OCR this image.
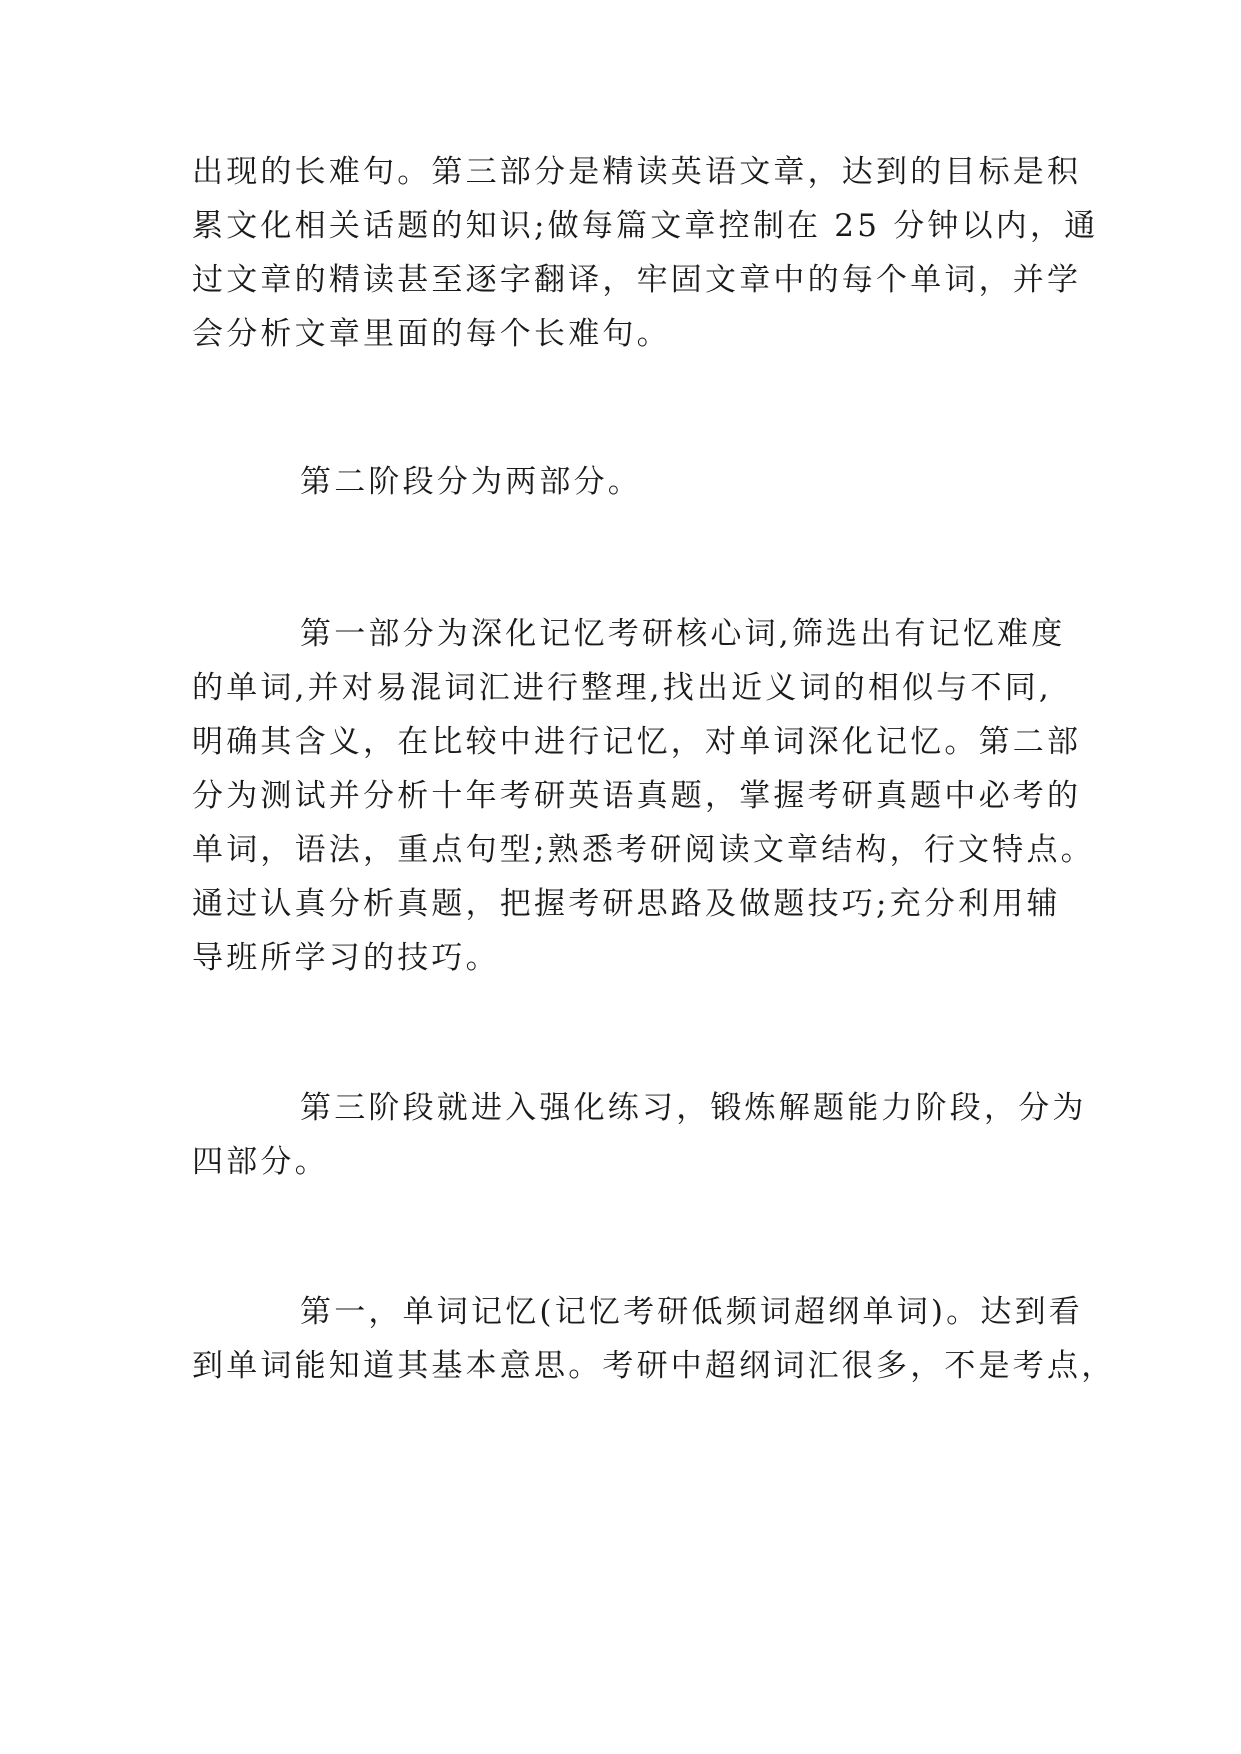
出现的长难句。第三部分是精读英语文章，达到的目标是积

累文化相关话题的知识;做每篇文章控制在 25 分钟以内，通

过文章的精读甚至逐字翻译，牢固文章中的每个单词，并学

会分析文章里面的每个长难句。

第二阶段分为两部分。

第一部分为深化记忆考研核心词,筛选出有记忆难度

的单词,并对易混词汇进行整理,找出近义词的相似与不同,

明确其含义，在比较中进行记忆，对单词深化记忆。第二部

分为测试并分析十年考研英语真题，掌握考研真题中必考的

单词，语法，重点句型;熟悉考研阅读文章结构，行文特点。

通过认真分析真题，把握考研思路及做题技巧;充分利用辅

导班所学习的技巧。

第三阶段就进入强化练习，锻炼解题能力阶段，分为

四部分。

第一，单词记忆(记忆考研低频词超纲单词)。达到看

到单词能知道其基本意思。考研中超纲词汇很多，不是考点，
